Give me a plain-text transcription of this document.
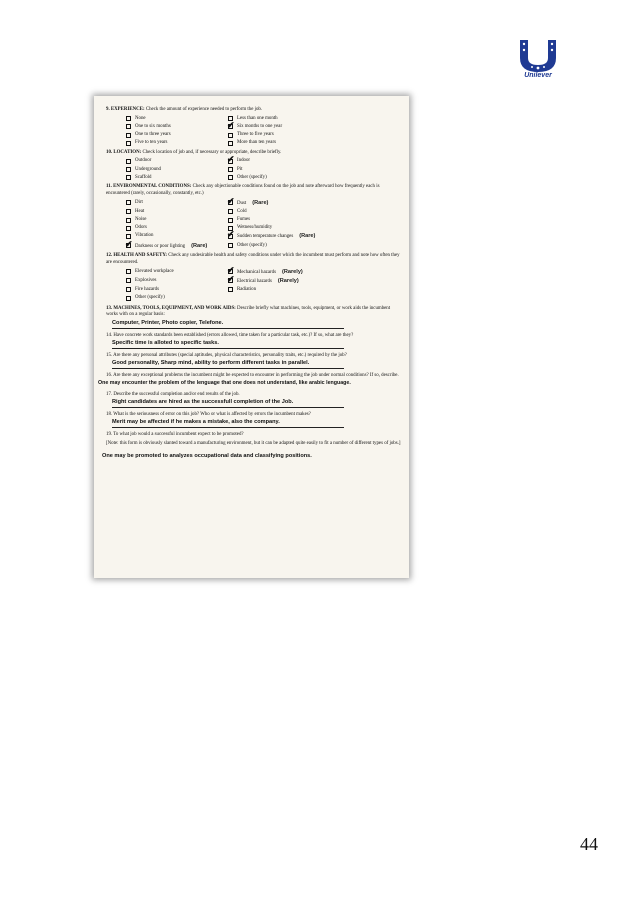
Unilever
9. EXPERIENCE: Check the amount of experience needed to perform the job.
None	Less than one month
One to six months	✔ Six months to one year
One to three years	Three to five years
Five to ten years	More than ten years
10. LOCATION: Check location of job and, if necessary or appropriate, describe briefly.
Outdoor	✔ Indoor
Underground	Pit
Scaffold	Other (specify)
11. ENVIRONMENTAL CONDITIONS: Check any objectionable conditions found on the job and note afterward how frequently each is encountered (rarely, occasionally, constantly, etc.)
Dirt	✔ Dust (Rare)
Heat	Cold
Noise	Fumes
Odors	Wetness/humidity
Vibration	✔ Sudden temperature changes (Rare)
✔ Darkness or poor lighting (Rare)	Other (specify)
12. HEALTH AND SAFETY: Check any undesirable health and safety conditions under which the incumbent must perform and note how often they are encountered.
Elevated workplace	✔ Mechanical hazards (Rarely)
Explosives	✔ Electrical hazards (Rarely)
Fire hazards	Radiation
Other (specify)
13. MACHINES, TOOLS, EQUIPMENT, AND WORK AIDS: Describe briefly what machines, tools, equipment, or work aids the incumbent works with on a regular basis:
Computer, Printer, Photo copier, Telefone.
14. Have concrete work standards been established (errors allowed, time taken for a particular task, etc.)? If so, what are they?
Specific time is alloted to specific tasks.
15. Are there any personal attributes (special aptitudes, physical characteristics, personality traits, etc.) required by the job?
Good personality, Sharp mind, ability to perform different tasks in parallel.
16. Are there any exceptional problems the incumbent might be expected to encounter in performing the job under normal conditions? If so, describe.
One may encounter the problem of the lenguage that one does not understand, like arabic lenguage.
17. Describe the successful completion and/or end results of the job.
Right candidates are hired as the successfull completion of the Job.
18. What is the seriousness of error on this job? Who or what is affected by errors the incumbent makes?
Merit may be affected if he makes a mistake, also the company.
19. To what job would a successful incumbent expect to be promoted?
[Note: this form is obviously slanted toward a manufacturing environment, but it can be adapted quite easily to fit a number of different types of jobs.]
One may be promoted to analyzes occupational data and classifying positions.
44
